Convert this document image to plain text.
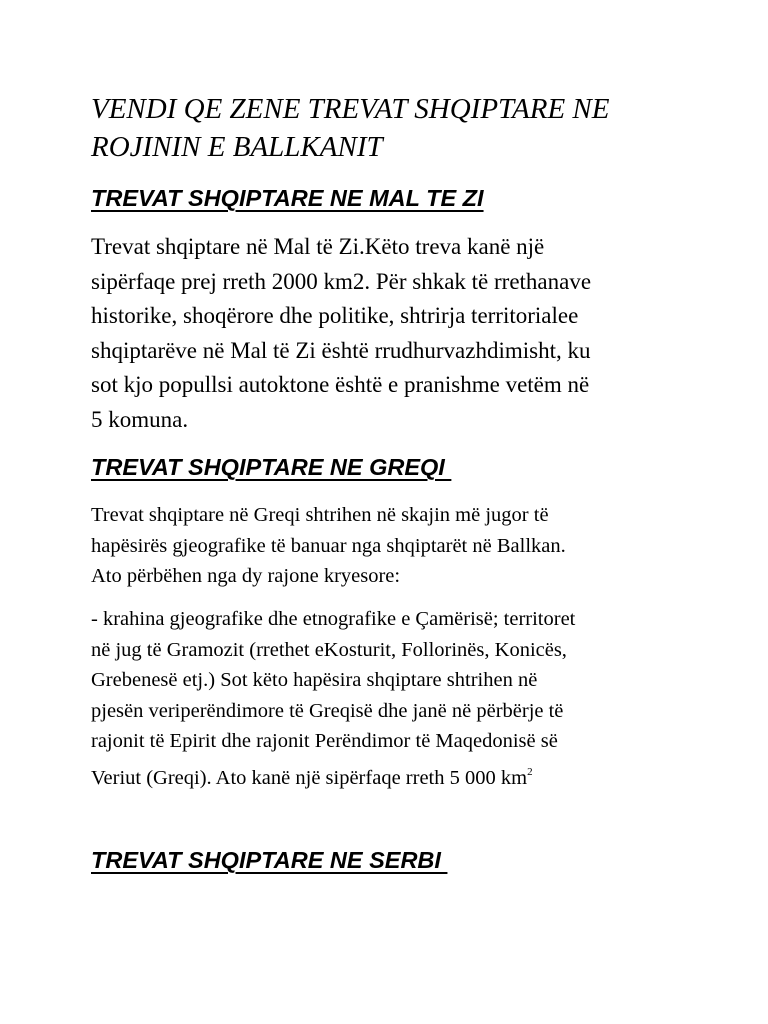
VENDI QE ZENE TREVAT SHQIPTARE NE
ROJININ E BALLKANIT
TREVAT SHQIPTARE NE MAL TE ZI

Trevat shqiptare në Mal të Zi.Këto treva kanë një
sipërfaqe prej rreth 2000 km2. Për shkak të rrethanave
historike, shoqërore dhe politike, shtrirja territorialee
shqiptarëve në Mal të Zi është rrudhurvazhdimisht, ku
sot kjo popullsi autoktone është e pranishme vetëm në
5 komuna.

TREVAT SHQIPTARE NE GREQI

Trevat shqiptare në Greqi shtrihen në skajin më jugor të
hapësirës gjeografike të banuar nga shqiptarët në Ballkan.
Ato përbëhen nga dy rajone kryesore:

- krahina gjeografike dhe etnografike e Çamërisë; territoret
në jug të Gramozit (rrethet eKosturit, Follorinës, Konicës,
Grebenesë etj.) Sot këto hapësira shqiptare shtrihen në
pjesën veriperëndimore të Greqisë dhe janë në përbërje të
rajonit të Epirit dhe rajonit Perëndimor të Maqedonisë së
Veriut (Greqi). Ato kanë një sipërfaqe rreth 5 000 $km^2$

TREVAT SHQIPTARE NE SERBI
